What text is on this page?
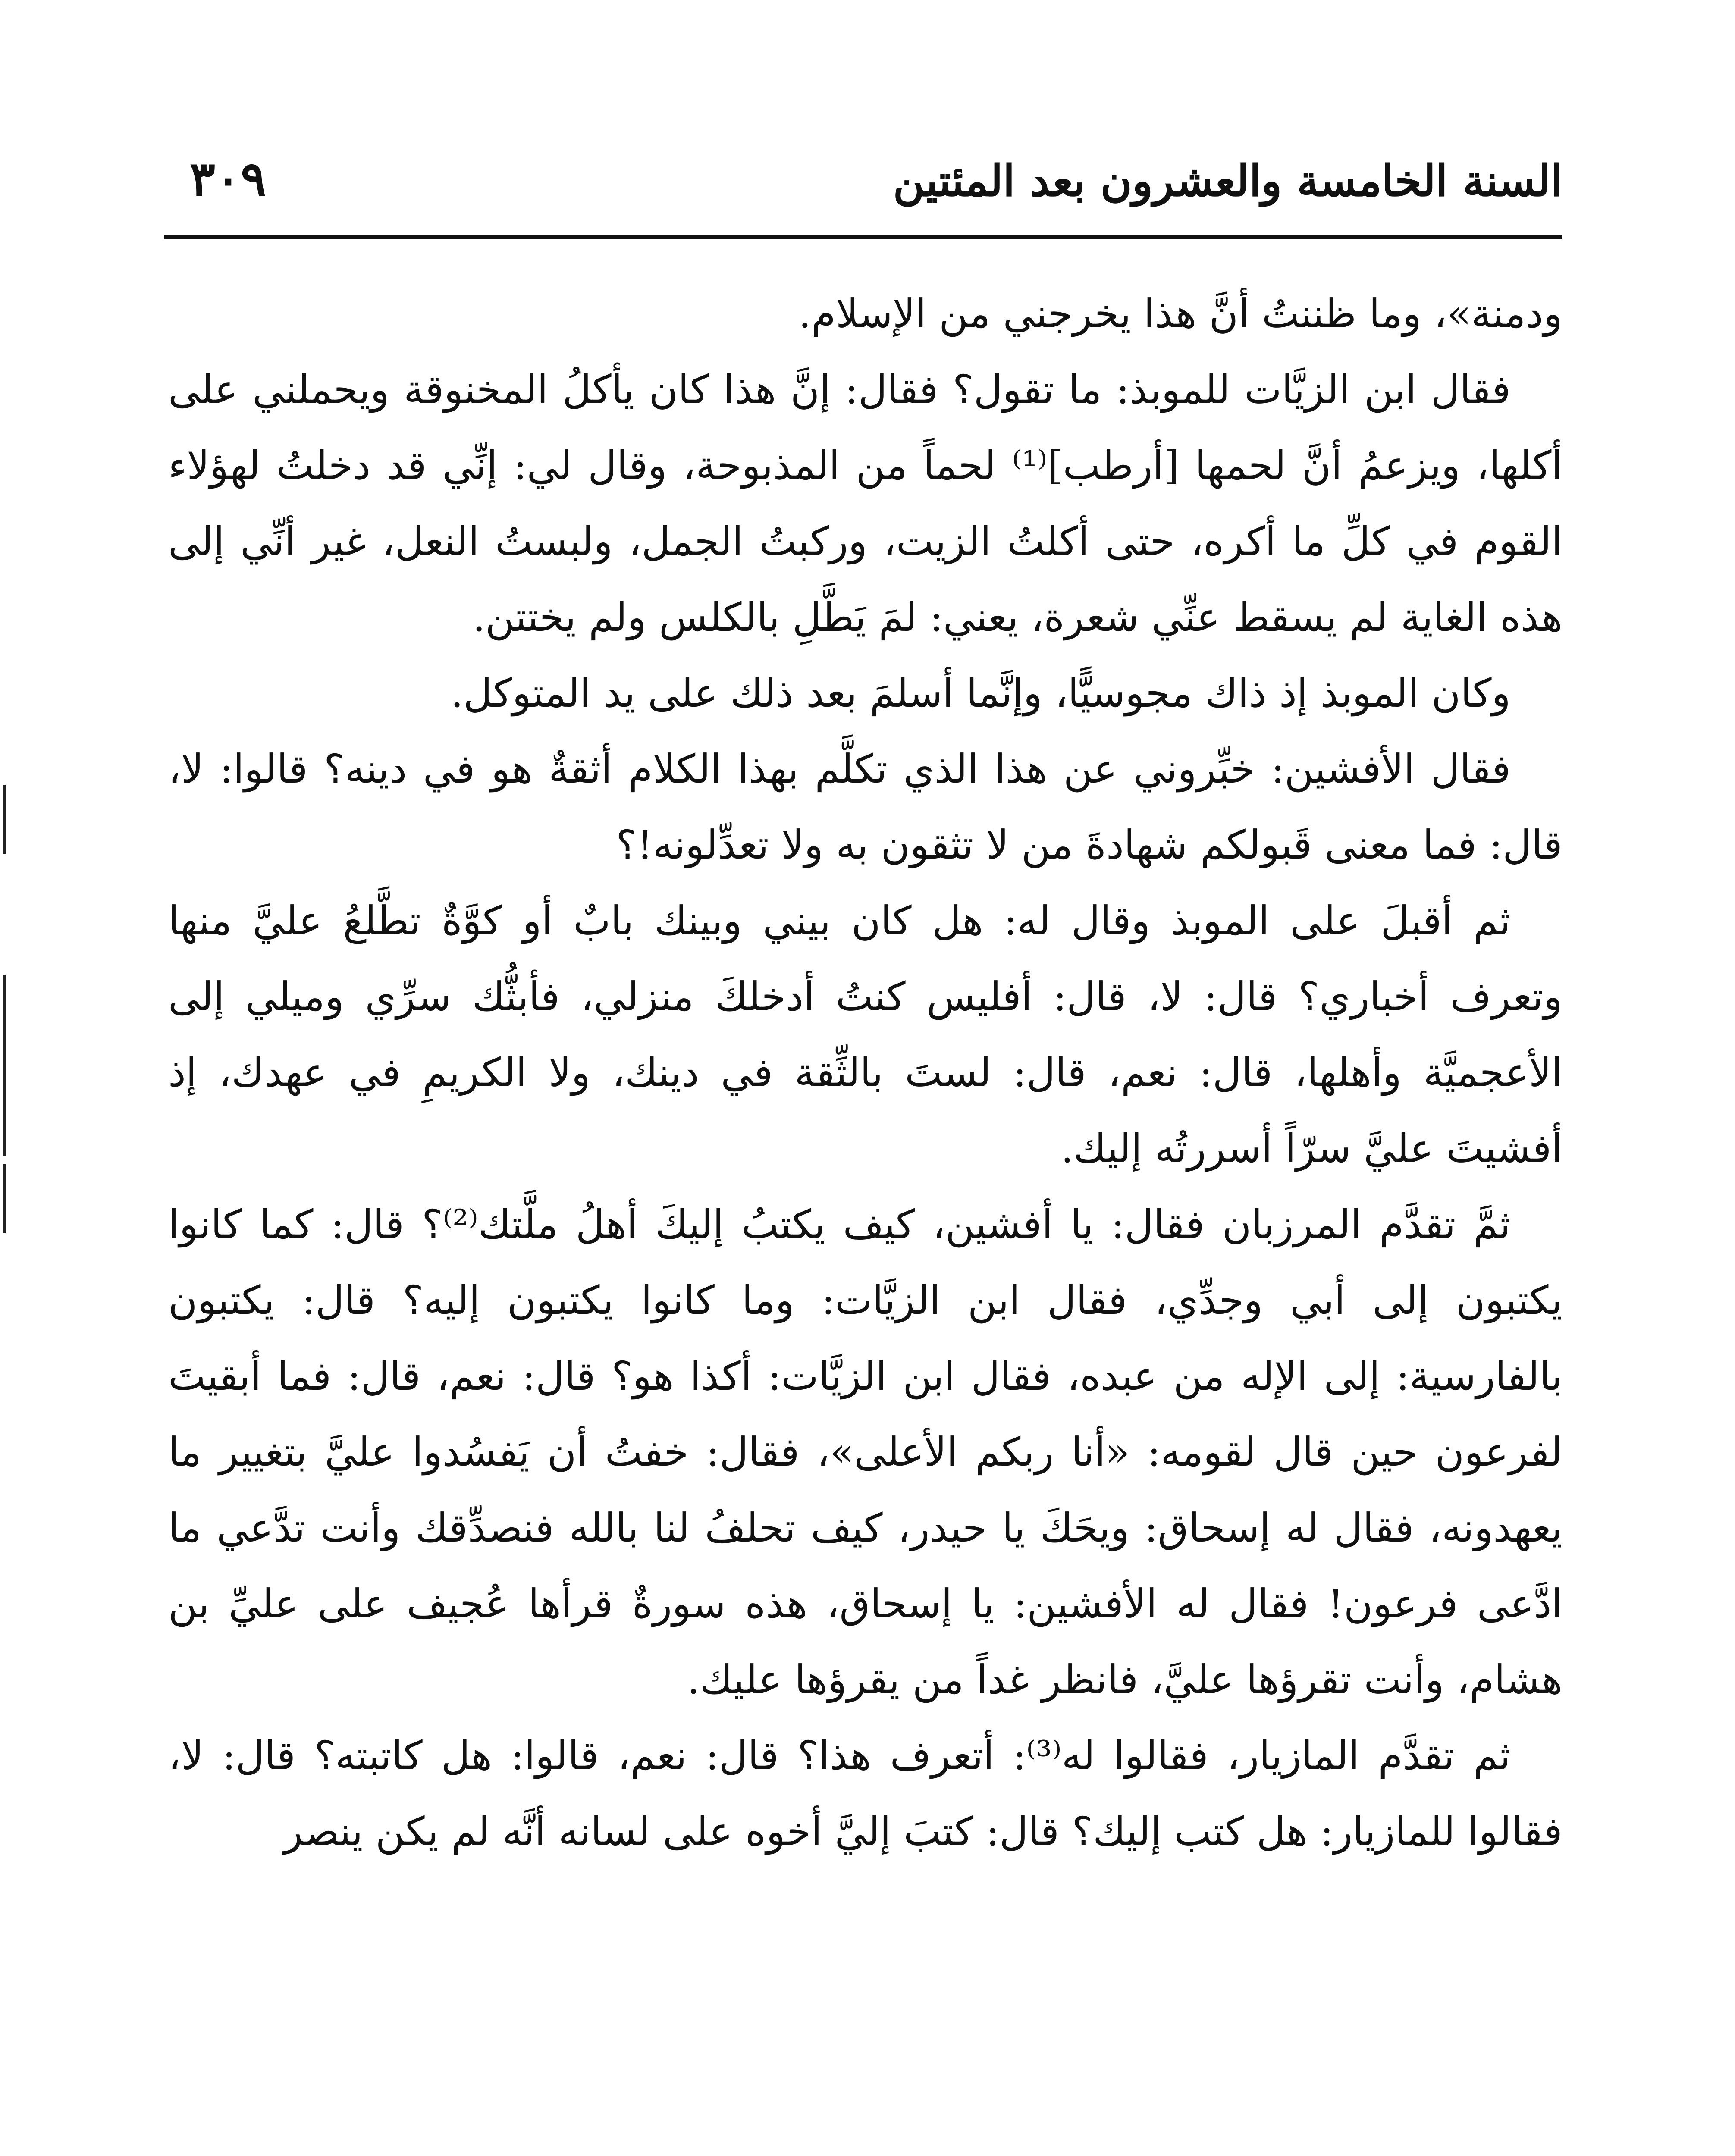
السنة الخامسة والعشرون بعد المئتين
٣٠٩

ودمنة»، وما ظننتُ أنَّ هذا يخرجني من الإسلام.

فقال ابن الزيَّات للموبذ: ما تقول؟ فقال: إنَّ هذا كان يأكلُ المخنوقة ويحملني على أكلها، ويزعمُ أنَّ لحمها [أرطب]⁽¹⁾ لحماً من المذبوحة، وقال لي: إنِّي قد دخلتُ لهؤلاء القوم في كلِّ ما أكره، حتى أكلتُ الزيت، وركبتُ الجمل، ولبستُ النعل، غير أنِّي إلى هذه الغاية لم يسقط عنِّي شعرة، يعني: لمَ يَطَّلِ بالكلس ولم يختتن.

وكان الموبذ إذ ذاك مجوسيًّا، وإنَّما أسلمَ بعد ذلك على يد المتوكل.

فقال الأفشين: خبِّروني عن هذا الذي تكلَّم بهذا الكلام أثقةٌ هو في دينه؟ قالوا: لا، قال: فما معنى قَبولكم شهادةَ من لا تثقون به ولا تعدِّلونه!؟

ثم أقبلَ على الموبذ وقال له: هل كان بيني وبينك بابٌ أو كوَّةٌ تطَّلعُ عليَّ منها وتعرف أخباري؟ قال: لا، قال: أفليس كنتُ أدخلكَ منزلي، فأبثُّك سرِّي وميلي إلى الأعجميَّة وأهلها، قال: نعم، قال: لستَ بالثِّقة في دينك، ولا الكريمِ في عهدك، إذ أفشيتَ عليَّ سرّاً أسررتُه إليك.

ثمَّ تقدَّم المرزبان فقال: يا أفشين، كيف يكتبُ إليكَ أهلُ ملَّتك⁽²⁾؟ قال: كما كانوا يكتبون إلى أبي وجدِّي، فقال ابن الزيَّات: وما كانوا يكتبون إليه؟ قال: يكتبون بالفارسية: إلى الإله من عبده، فقال ابن الزيَّات: أكذا هو؟ قال: نعم، قال: فما أبقيتَ لفرعون حين قال لقومه: «أنا ربكم الأعلى»، فقال: خفتُ أن يَفسُدوا عليَّ بتغيير ما يعهدونه، فقال له إسحاق: ويحَكَ يا حيدر، كيف تحلفُ لنا بالله فنصدِّقك وأنت تدَّعي ما ادَّعى فرعون! فقال له الأفشين: يا إسحاق، هذه سورةٌ قرأها عُجيف على عليِّ بن هشام، وأنت تقرؤها عليَّ، فانظر غداً من يقرؤها عليك.

ثم تقدَّم المازيار، فقالوا له⁽³⁾: أتعرف هذا؟ قال: نعم، قالوا: هل كاتبته؟ قال: لا، فقالوا للمازيار: هل كتب إليك؟ قال: كتبَ إليَّ أخوه على لسانه أنَّه لم يكن ينصر
